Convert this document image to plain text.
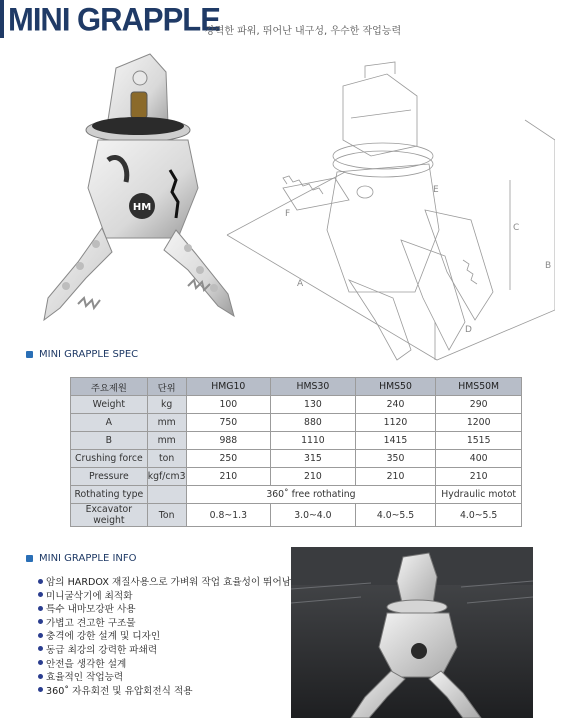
MINI GRAPPLE
강력한 파워, 뛰어난 내구성, 우수한 작업능력
HM
A
B
C
D
E
F
MINI GRAPPLE SPEC
주요제원	단위	HMG10	HMS30	HMS50	HMS50M
Weight	kg	100	130	240	290
A	mm	750	880	1120	1200
B	mm	988	1110	1415	1515
Crushing force	ton	250	315	350	400
Pressure	kgf/cm3	210	210	210	210
Rothating type		360˚ free rothating			Hydraulic motot
Excavator weight	Ton	0.8~1.3	3.0~4.0	4.0~5.5	4.0~5.5
MINI GRAPPLE INFO
암의 HARDOX 재질사용으로 가벼워 작업 효율성이 뛰어남
미니굴삭기에 최적화
특수 내마모강판 사용
가볍고 견고한 구조물
충격에 강한 설계 및 디자인
동급 최강의 강력한 파쇄력
안전을 생각한 설계
효율적인 작업능력
360˚ 자유회전 및 유압회전식 적용
